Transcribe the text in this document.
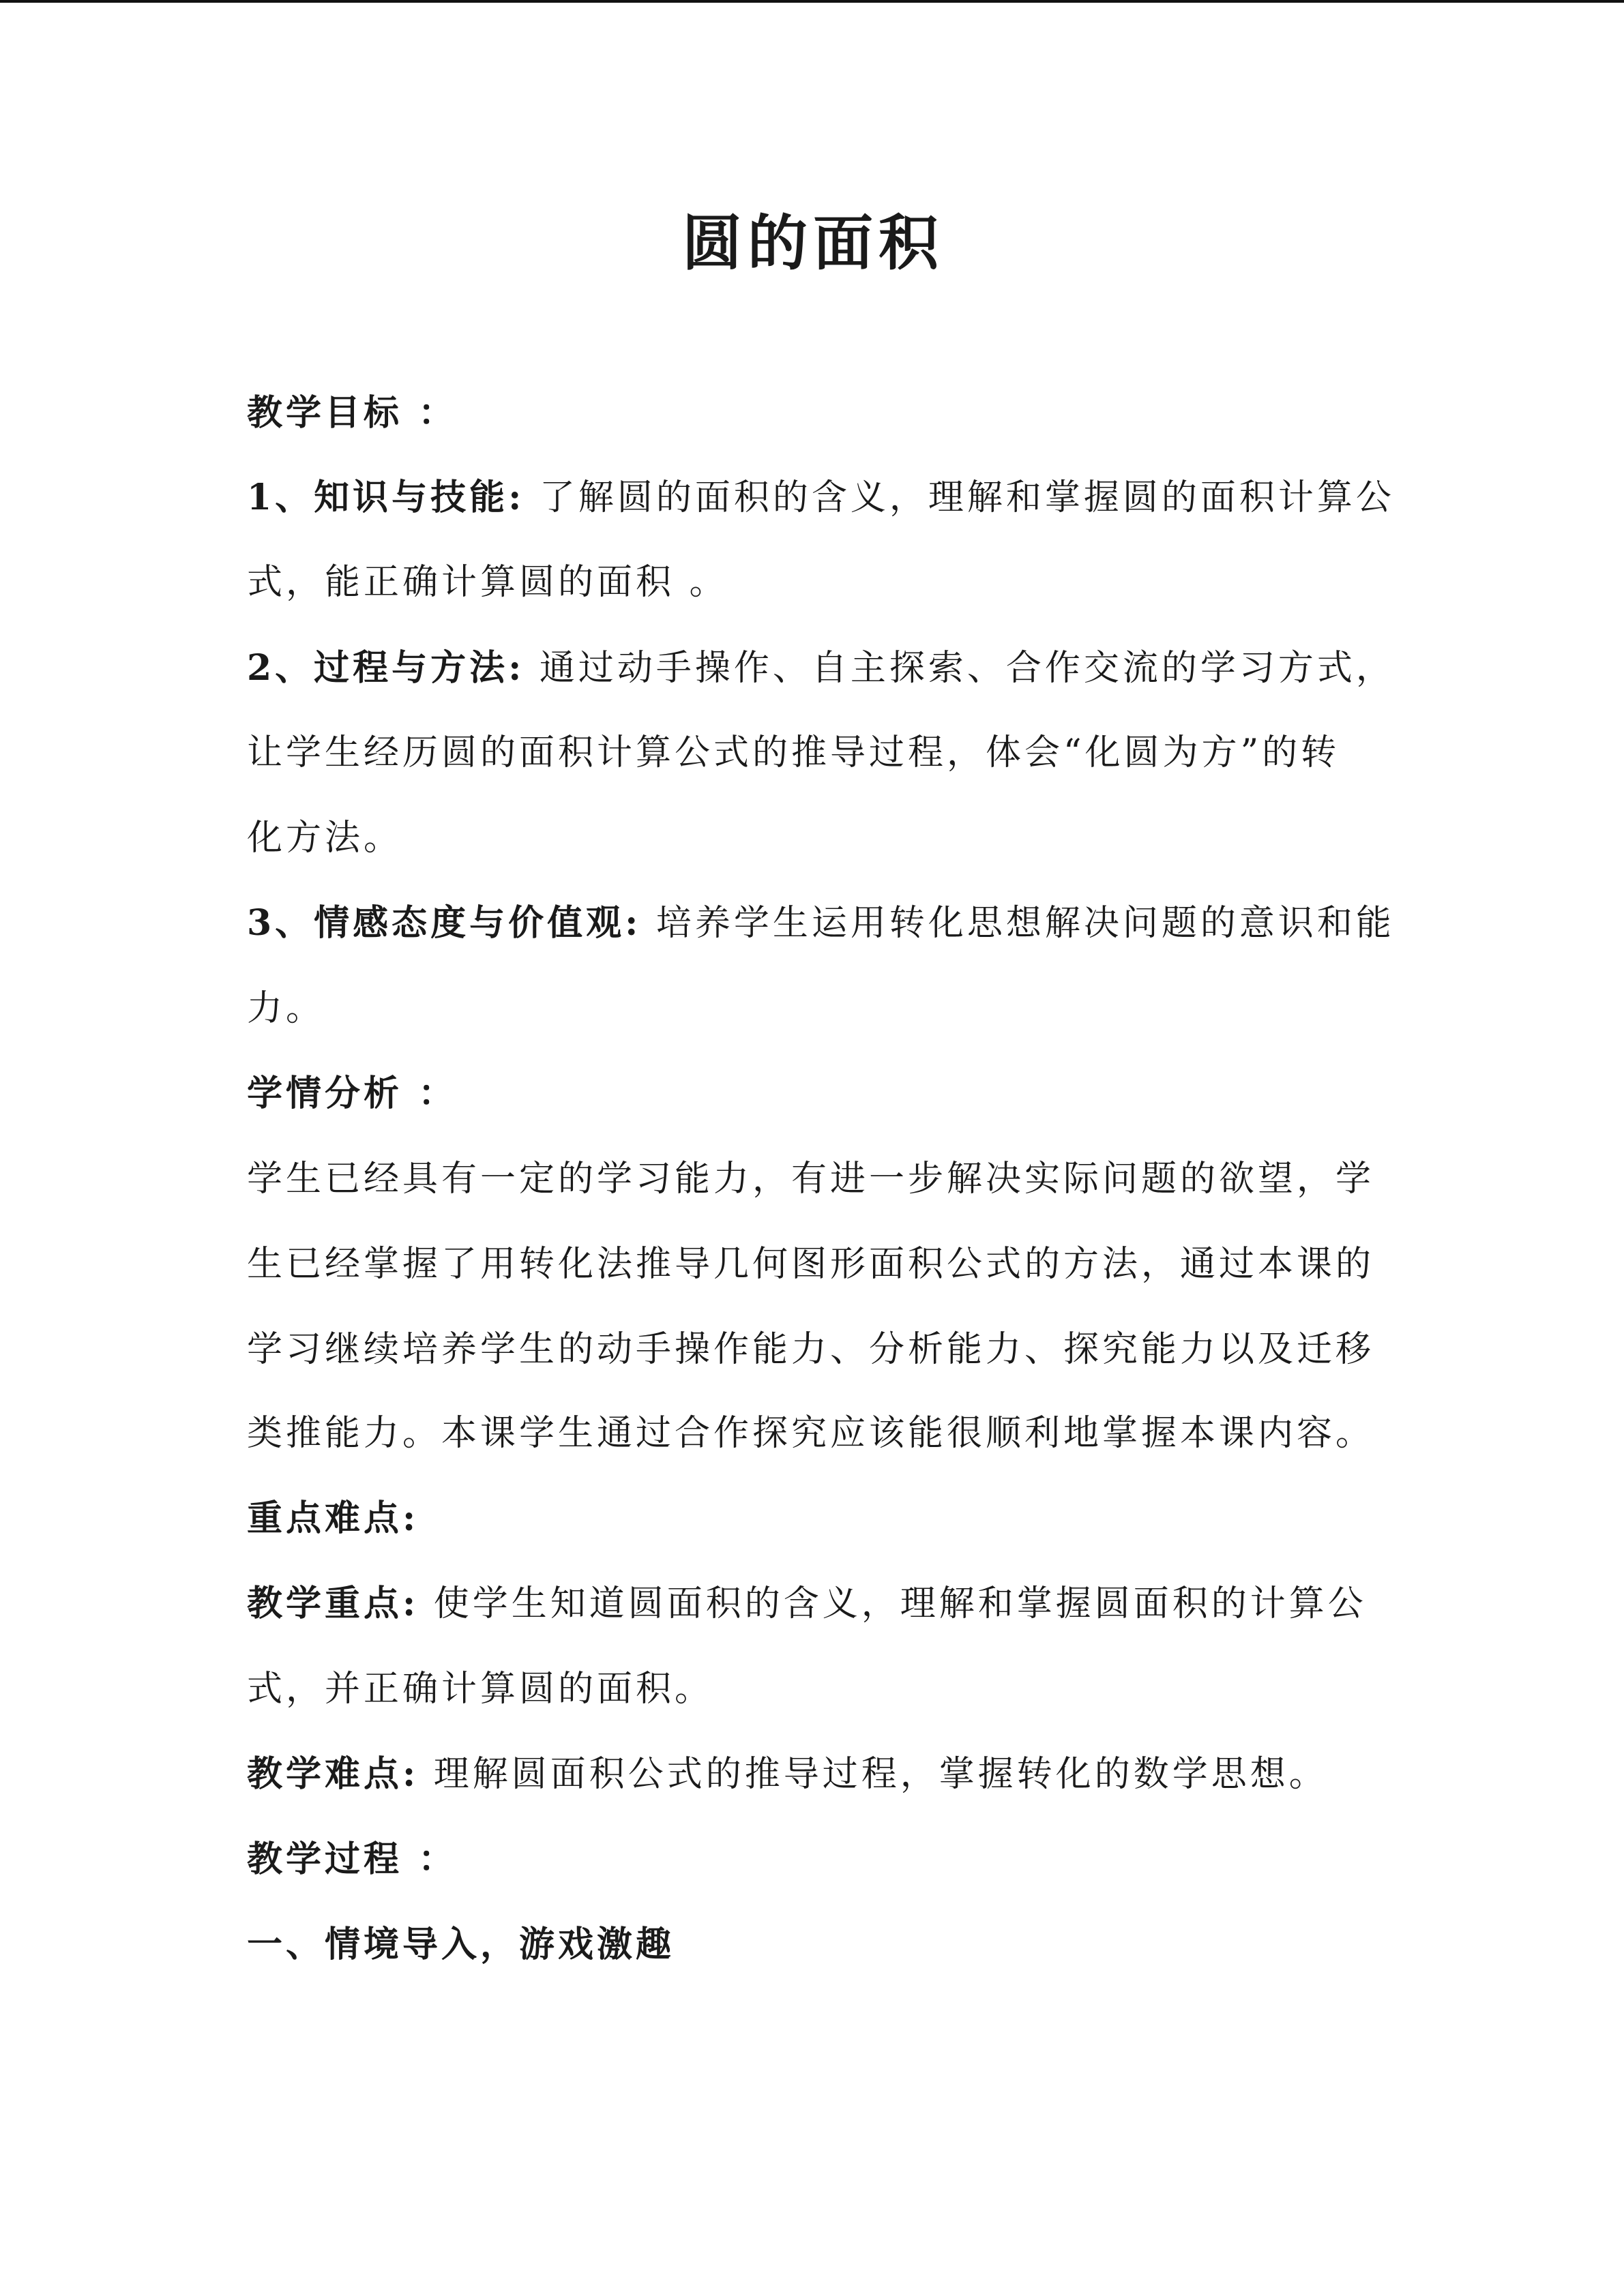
圆的面积

教学目标 ：

1、知识与技能: 了解圆的面积的含义，理解和掌握圆的面积计算公

式，能正确计算圆的面积 。

2、过程与方法: 通过动手操作、自主探索、合作交流的学习方式，

让学生经历圆的面积计算公式的推导过程，体会“化圆为方”的转

化方法。

3、情感态度与价值观: 培养学生运用转化思想解决问题的意识和能

力。

学情分析 ：

学生已经具有一定的学习能力，有进一步解决实际问题的欲望，学

生已经掌握了用转化法推导几何图形面积公式的方法，通过本课的

学习继续培养学生的动手操作能力、分析能力、探究能力以及迁移

类推能力。本课学生通过合作探究应该能很顺利地掌握本课内容。

重点难点:

教学重点: 使学生知道圆面积的含义，理解和掌握圆面积的计算公

式，并正确计算圆的面积。

教学难点: 理解圆面积公式的推导过程，掌握转化的数学思想。

教学过程 ：

一、情境导入，游戏激趣
